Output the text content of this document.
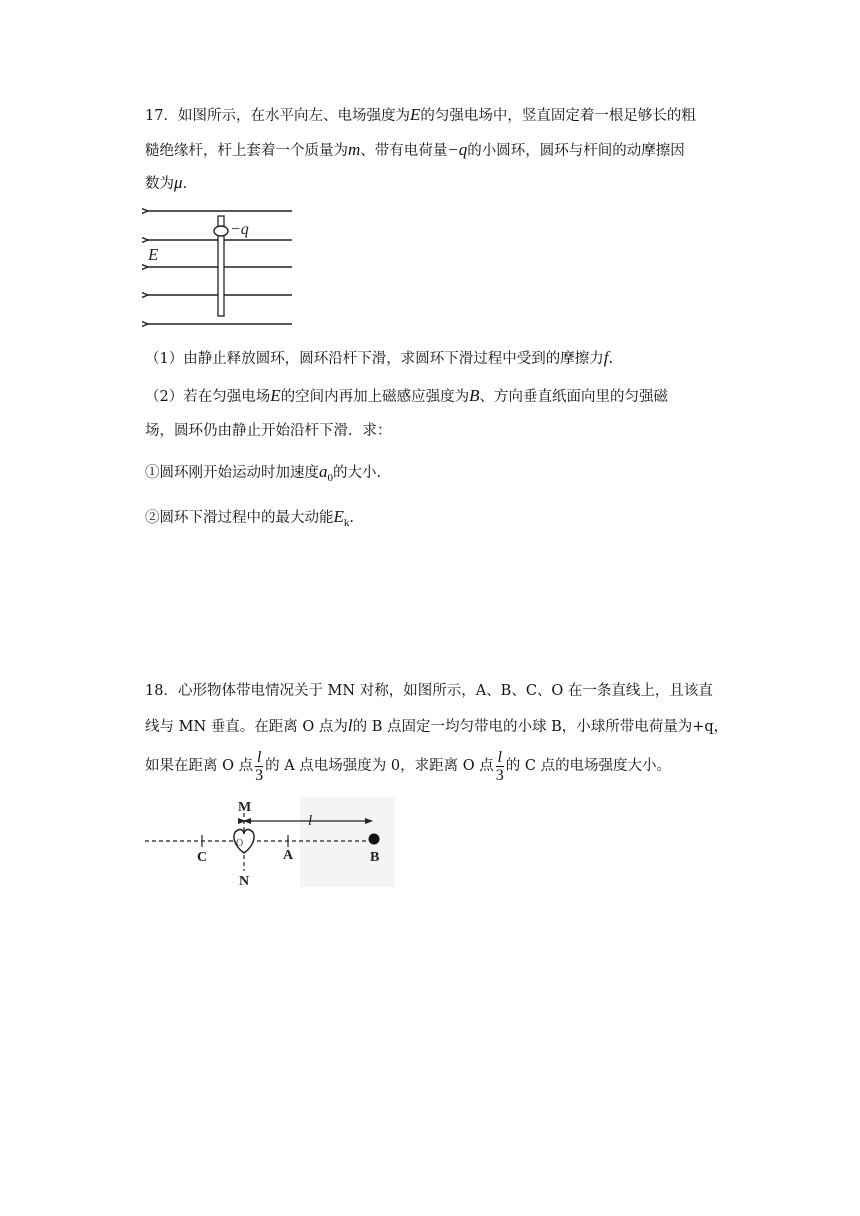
17．如图所示，在水平向左、电场强度为E的匀强电场中，竖直固定着一根足够长的粗
糙绝缘杆，杆上套着一个质量为m、带有电荷量−q的小圆环，圆环与杆间的动摩擦因
数为μ.
−q
E
（1）由静止释放圆环，圆环沿杆下滑，求圆环下滑过程中受到的摩擦力f.
（2）若在匀强电场E的空间内再加上磁感应强度为B、方向垂直纸面向里的匀强磁
场，圆环仍由静止开始沿杆下滑．求：
①圆环刚开始运动时加速度$a_0$的大小.
②圆环下滑过程中的最大动能$E_k$.
18．心形物体带电情况关于 MN 对称，如图所示，A、B、C、O 在一条直线上，且该直
线与 MN 垂直。在距离 O 点为l的 B 点固定一均匀带电的小球 B，小球所带电荷量为+q，
如果在距离 O 点 $\frac{l}{3}$ 的 A 点电场强度为 0，求距离 O 点 $\frac{l}{3}$ 的 C 点的电场强度大小。
M
N
O
C	A	B
l
